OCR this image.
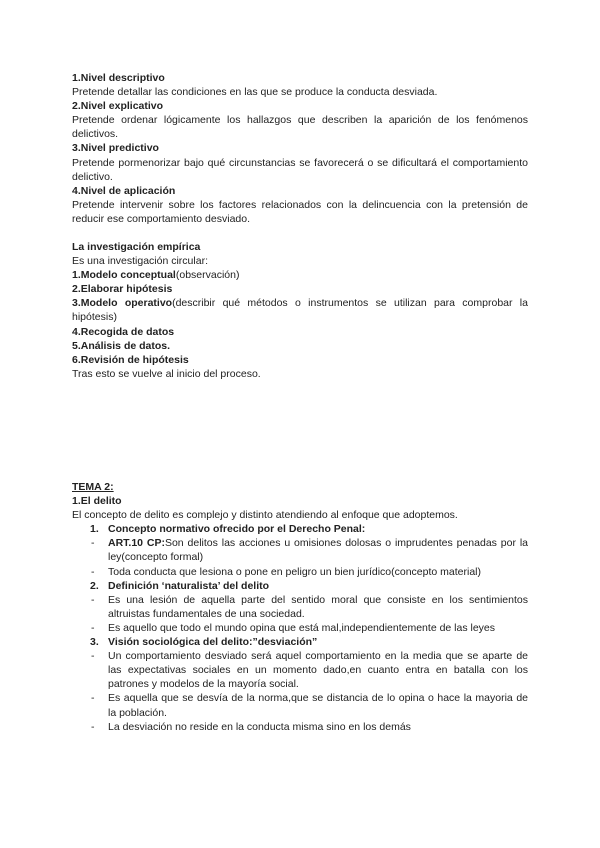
1.Nivel descriptivo

Pretende detallar las condiciones en las que se produce la conducta desviada.

2.Nivel explicativo

Pretende ordenar lógicamente los hallazgos que describen la aparición de los fenómenos delictivos.

3.Nivel predictivo

Pretende pormenorizar bajo qué circunstancias se favorecerá o se dificultará el comportamiento delictivo.

4.Nivel de aplicación

Pretende intervenir sobre los factores relacionados con la delincuencia con la pretensión de reducir ese comportamiento desviado.

La investigación empírica

Es una investigación circular:

1.Modelo conceptual(observación)

2.Elaborar hipótesis

3.Modelo operativo(describir qué métodos o instrumentos se utilizan para comprobar la hipótesis)

4.Recogida de datos

5.Análisis de datos.

6.Revisión de hipótesis

Tras esto se vuelve al inicio del proceso.

TEMA 2:

1.El delito

El concepto de delito es complejo y distinto atendiendo al enfoque que adoptemos.

1. Concepto normativo ofrecido por el Derecho Penal:

- ART.10 CP:Son delitos las acciones u omisiones dolosas o imprudentes penadas por la ley(concepto formal)

- Toda conducta que lesiona o pone en peligro un bien jurídico(concepto material)

2. Definición ‘naturalista’ del delito

- Es una lesión de aquella parte del sentido moral que consiste en los sentimientos altruistas fundamentales de una sociedad.

- Es aquello que todo el mundo opina que está mal,independientemente de las leyes

3. Visión sociológica del delito:”desviación”

- Un comportamiento desviado será aquel comportamiento en la media que se aparte de las expectativas sociales en un momento dado,en cuanto entra en batalla con los patrones y modelos de la mayoría social.

- Es aquella que se desvía de la norma,que se distancia de lo opina o hace la mayoria de la población.

- La desviación no reside en la conducta misma sino en los demás
